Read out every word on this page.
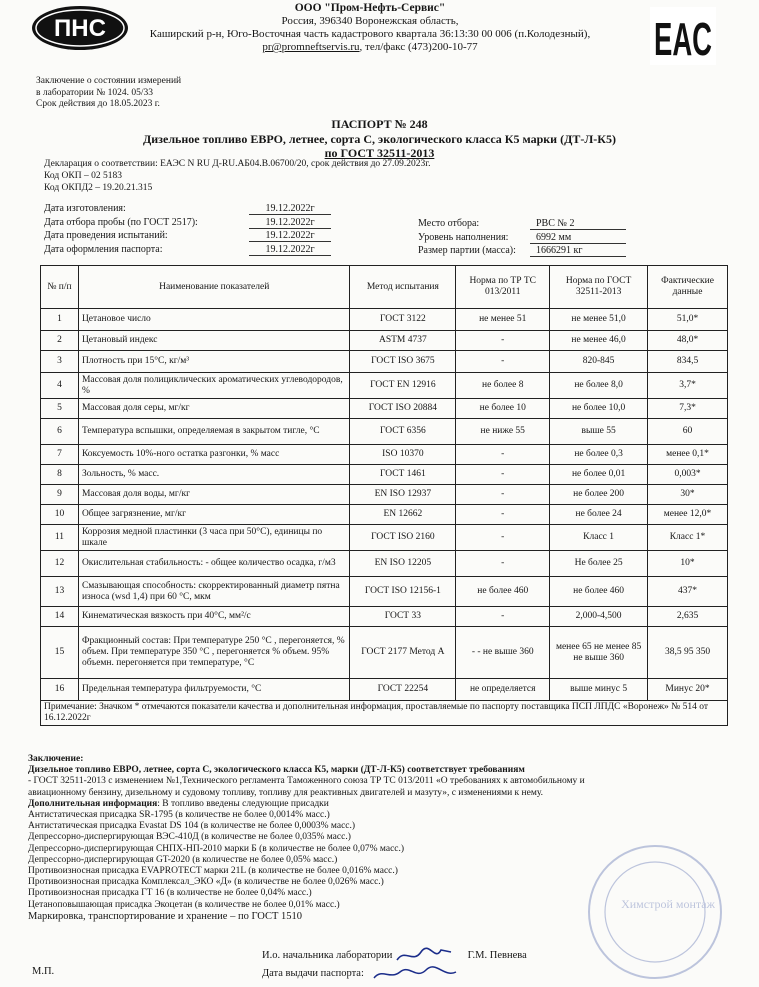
ПНС
ООО "Пром-Нефть-Сервис"
Россия, 396340 Воронежская область,
Каширский р-н, Юго-Восточная часть кадастрового квартала 36:13:30 00 006 (п.Колодезный),
pr@promneftservis.ru, тел/факс (473)200-10-77	EAC
Заключение о состоянии измерений
в лаборатории № 1024. 05/33
Срок действия до 18.05.2023 г.
ПАСПОРТ № 248
Дизельное топливо ЕВРО, летнее, сорта С, экологического класса К5 марки (ДТ-Л-К5)
по ГОСТ 32511-2013
Декларация о соответствии: ЕАЭС N RU Д-RU.АБ04.В.06700/20, срок действия до 27.09.2023г.
Код ОКП – 02 5183
Код ОКПД2 – 19.20.21.315
Дата изготовления:	19.12.2022г
Дата отбора пробы (по ГОСТ 2517):	19.12.2022г
Дата проведения испытаний:	19.12.2022г
Дата оформления паспорта:	19.12.2022г
Место отбора:	РВС № 2
Уровень наполнения:	6992 мм
Размер партии (масса): 1666291 кг
№ п/п	Наименование показателей	Метод испытания	Норма по ТР ТС 013/2011	Норма по ГОСТ 32511-2013	Фактические данные
1	Цетановое число	ГОСТ 3122	не менее 51	не менее 51,0	51,0*
2	Цетановый индекс	ASTM 4737	-	не менее 46,0	48,0*
3	Плотность при 15°С, кг/м³	ГОСТ ISO 3675	-	820-845	834,5
4	Массовая доля полициклических ароматических углеводородов, %	ГОСТ EN 12916	не более 8	не более 8,0	3,7*
5	Массовая доля серы, мг/кг	ГОСТ ISO 20884	не более 10	не более 10,0	7,3*
6	Температура вспышки, определяемая в закрытом тигле, °С	ГОСТ 6356	не ниже 55	выше 55	60
7	Коксуемость 10%-ного остатка разгонки, % масс	ISO 10370	-	не более 0,3	менее 0,1*
8	Зольность, % масс.	ГОСТ 1461	-	не более 0,01	0,003*
9	Массовая доля воды, мг/кг	EN ISO 12937	-	не более 200	30*
10	Общее загрязнение, мг/кг	EN 12662	-	не более 24	менее 12,0*
11	Коррозия медной пластинки (3 часа при 50°С), единицы по шкале	ГОСТ ISO 2160	-	Класс 1	Класс 1*
12	Окислительная стабильность: - общее количество осадка, г/м3	EN ISO 12205	-	Не более 25	10*
13	Смазывающая способность: скорректированный диаметр пятна износа (wsd 1,4) при 60 °С, мкм	ГОСТ ISO 12156-1	не более 460	не более 460	437*
14	Кинематическая вязкость при 40°С, мм²/с	ГОСТ 33	-	2,000-4,500	2,635
15	Фракционный состав: При температуре 250 °С , перегоняется, % объем. При температуре 350 °С , перегоняется % объем. 95% объемн. перегоняется при температуре, °С	ГОСТ 2177 Метод А	- - не выше 360	менее 65 не менее 85 не выше 360	38,5 95 350
16	Предельная температура фильтруемости, °С	ГОСТ 22254	не определяется	выше минус 5	Минус 20*
Примечание: Значком * отмечаются показатели качества и дополнительная информация, проставляемые по паспорту поставщика ПСП ЛПДС «Воронеж» № 514 от 16.12.2022г					
Заключение:
Дизельное топливо ЕВРО, летнее, сорта С, экологического класса К5, марки (ДТ-Л-К5) соответствует требованиям
- ГОСТ 32511-2013 с изменением №1,Технического регламента Таможенного союза ТР ТС 013/2011 «О требованиях к автомобильному и
авиационному бензину, дизельному и судовому топливу, топливу для реактивных двигателей и мазуту», с изменениями к нему.
Дополнительная информация: В топливо введены следующие присадки
Антистатическая присадка SR-1795 (в количестве не более 0,0014% масс.)
Антистатическая присадка Evastat DS 104 (в количестве не более 0,0003% масс.)
Депрессорно-диспергирующая ВЭС-410Д (в количестве не более 0,035% масс.)
Депрессорно-диспергирующая СНПХ-НП-2010 марки Б (в количестве не более 0,07% масс.)
Депрессорно-диспергирующая GT-2020 (в количестве не более 0,05% масс.)
Противоизносная присадка EVAPROTECT марки 21L (в количестве не более 0,016% масс.)
Противоизносная присадка Комплексал_ЭКО «Д» (в количестве не более 0,026% масс.)
Противоизносная присадка ГТ 16 (в количестве не более 0,04% масс.)
Цетаноповышающая присадка Экоцетан (в количестве не более 0,01% масс.)
Маркировка, транспортирование и хранение – по ГОСТ 1510
Химстрой монтаж
М.П.
И.о. начальника лаборатории	Г.М. Певнева
Дата выдачи паспорта:
